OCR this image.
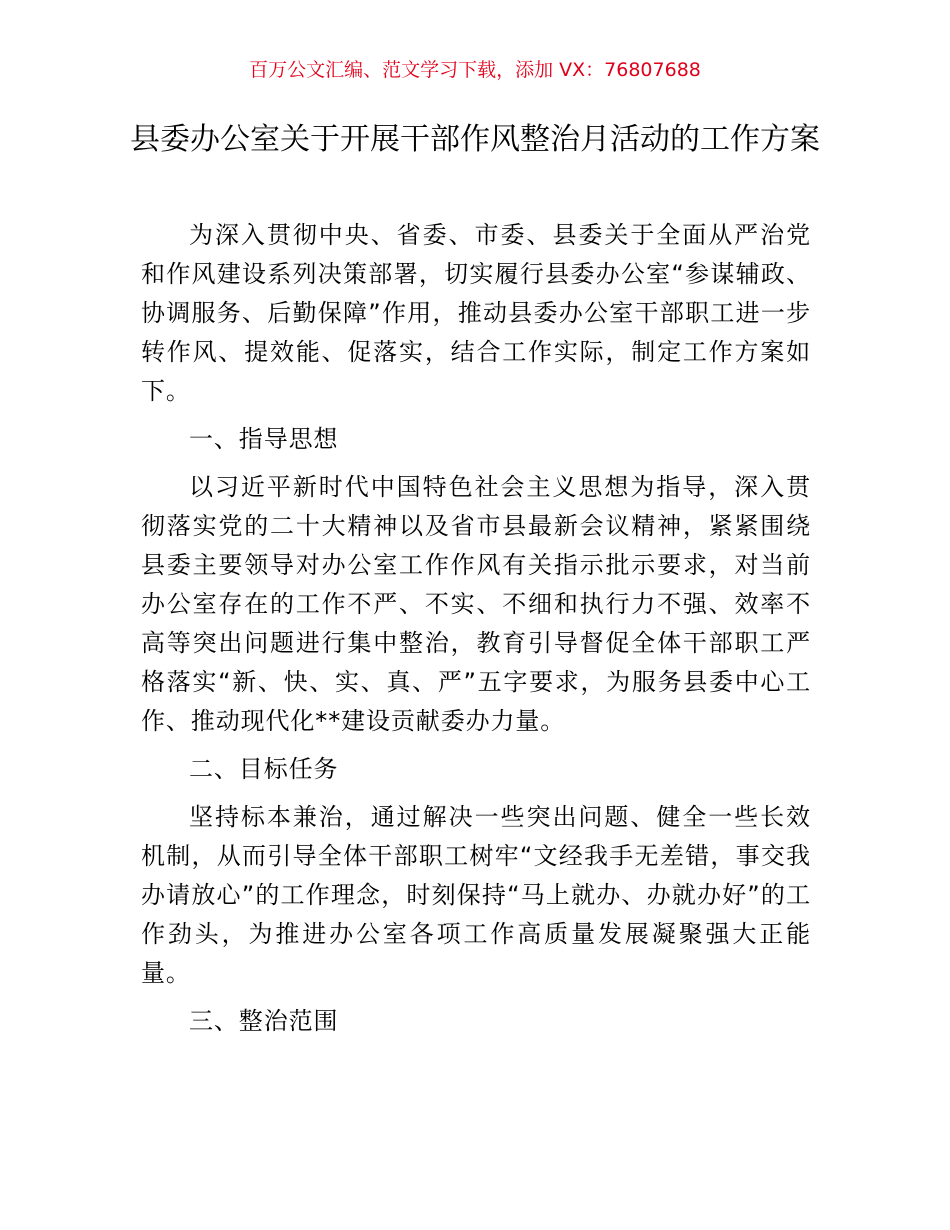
百万公文汇编、范文学习下载，添加 VX：76807688
县委办公室关于开展干部作风整治月活动的工作方案

为深入贯彻中央、省委、市委、县委关于全面从严治党和作风建设系列决策部署，切实履行县委办公室“参谋辅政、协调服务、后勤保障”作用，推动县委办公室干部职工进一步转作风、提效能、促落实，结合工作实际，制定工作方案如下。

一、指导思想

以习近平新时代中国特色社会主义思想为指导，深入贯彻落实党的二十大精神以及省市县最新会议精神，紧紧围绕县委主要领导对办公室工作作风有关指示批示要求，对当前办公室存在的工作不严、不实、不细和执行力不强、效率不高等突出问题进行集中整治，教育引导督促全体干部职工严格落实“新、快、实、真、严”五字要求，为服务县委中心工作、推动现代化**建设贡献委办力量。

二、目标任务

坚持标本兼治，通过解决一些突出问题、健全一些长效机制，从而引导全体干部职工树牢“文经我手无差错，事交我办请放心”的工作理念，时刻保持“马上就办、办就办好”的工作劲头，为推进办公室各项工作高质量发展凝聚强大正能量。

三、整治范围
